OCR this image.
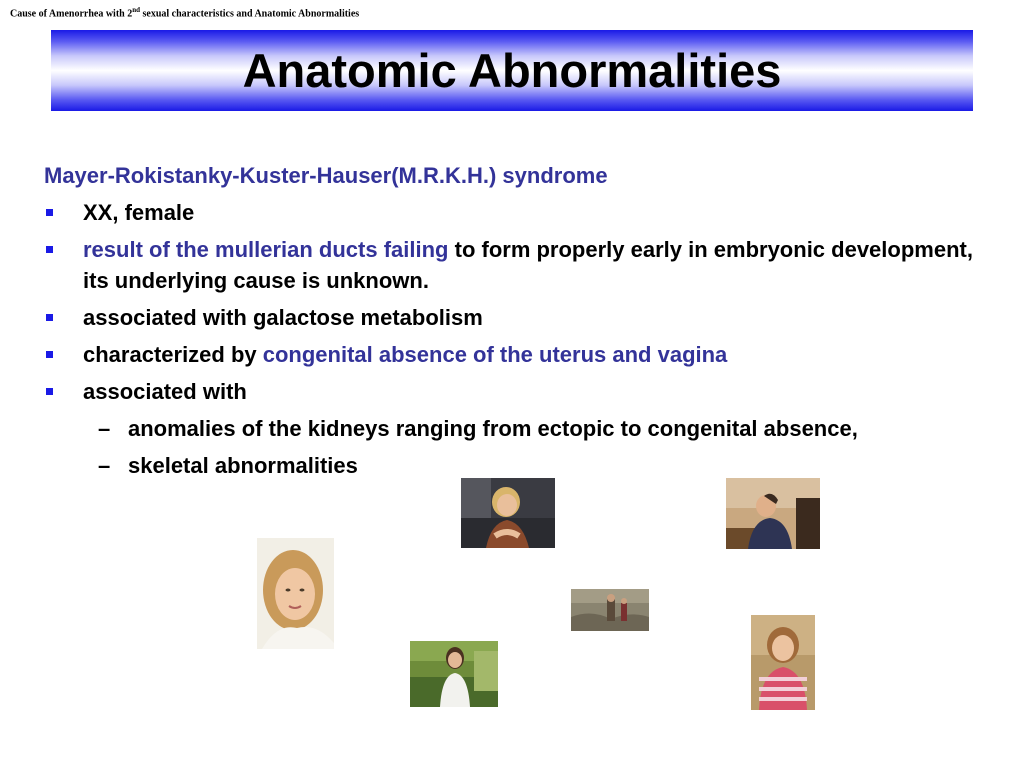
Cause of Amenorrhea with 2nd sexual characteristics and Anatomic Abnormalities
Anatomic Abnormalities
Mayer-Rokistanky-Kuster-Hauser(M.R.K.H.) syndrome
XX, female
result of the mullerian ducts failing to form properly early in embryonic development, its underlying cause is unknown.
associated with galactose metabolism
characterized by congenital absence of the uterus and vagina
associated with
– anomalies of the kidneys ranging from ectopic to congenital absence,
– skeletal abnormalities
